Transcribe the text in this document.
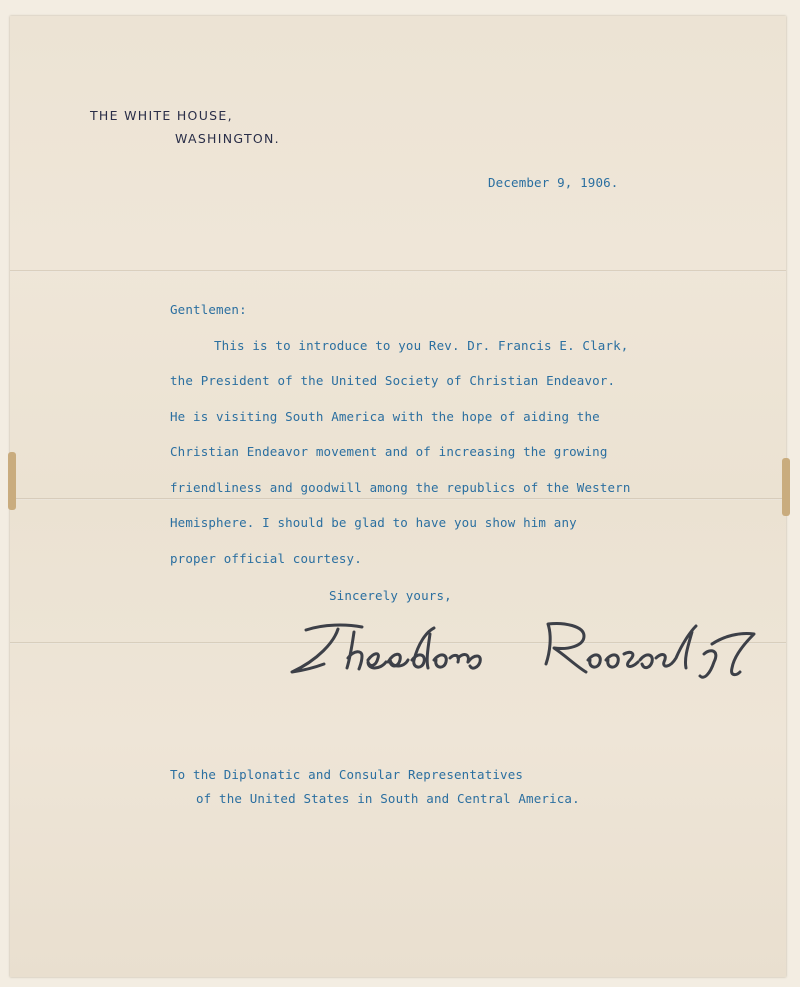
THE WHITE HOUSE,
WASHINGTON.
December 9, 1906.
Gentlemen:
This is to introduce to you Rev. Dr. Francis E. Clark,
the President of the United Society of Christian Endeavor.
He is visiting South America with the hope of aiding the
Christian Endeavor movement and of increasing the growing
friendliness and goodwill among the republics of the Western
Hemisphere. I should be glad to have you show him any
proper official courtesy.
Sincerely yours,
To the Diplonatic and Consular Representatives
of the United States in South and Central America.
